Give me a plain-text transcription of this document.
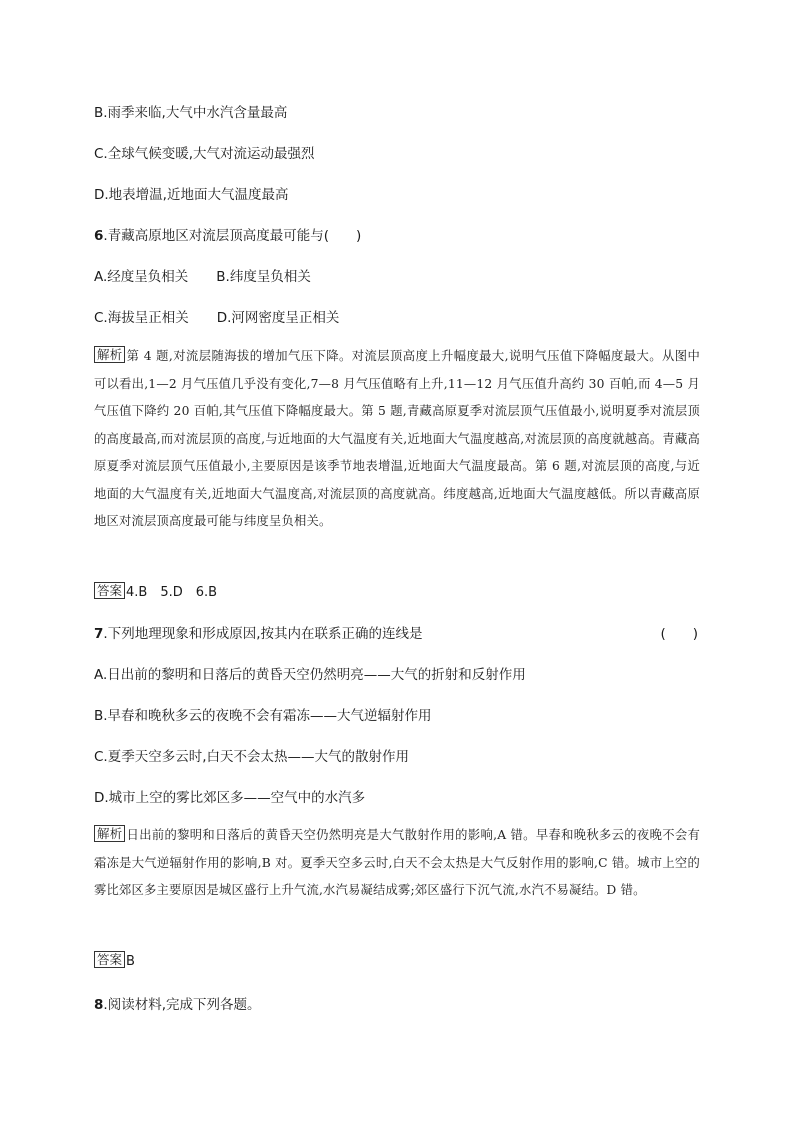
B.雨季来临,大气中水汽含量最高
C.全球气候变暖,大气对流运动最强烈
D.地表增温,近地面大气温度最高
6.青藏高原地区对流层顶高度最可能与(　　)
A.经度呈负相关 B.纬度呈负相关
C.海拔呈正相关 D.河网密度呈正相关
解析 第 4 题,对流层随海拔的增加气压下降。对流层顶高度上升幅度最大,说明气压值下降幅度最大。从图中可以看出,1—2 月气压值几乎没有变化,7—8 月气压值略有上升,11—12 月气压值升高约 30 百帕,而 4—5 月气压值下降约 20 百帕,其气压值下降幅度最大。第 5 题,青藏高原夏季对流层顶气压值最小,说明夏季对流层顶的高度最高,而对流层顶的高度,与近地面的大气温度有关,近地面大气温度越高,对流层顶的高度就越高。青藏高原夏季对流层顶气压值最小,主要原因是该季节地表增温,近地面大气温度最高。第 6 题,对流层顶的高度,与近地面的大气温度有关,近地面大气温度高,对流层顶的高度就高。纬度越高,近地面大气温度越低。所以青藏高原地区对流层顶高度最可能与纬度呈负相关。
答案 4.B　5.D　6.B
7.下列地理现象和形成原因,按其内在联系正确的连线是	(　　)
A.日出前的黎明和日落后的黄昏天空仍然明亮——大气的折射和反射作用
B.早春和晚秋多云的夜晚不会有霜冻——大气逆辐射作用
C.夏季天空多云时,白天不会太热——大气的散射作用
D.城市上空的雾比郊区多——空气中的水汽多
解析 日出前的黎明和日落后的黄昏天空仍然明亮是大气散射作用的影响,A 错。早春和晚秋多云的夜晚不会有霜冻是大气逆辐射作用的影响,B 对。夏季天空多云时,白天不会太热是大气反射作用的影响,C 错。城市上空的雾比郊区多主要原因是城区盛行上升气流,水汽易凝结成雾;郊区盛行下沉气流,水汽不易凝结。D 错。
答案 B
8.阅读材料,完成下列各题。
